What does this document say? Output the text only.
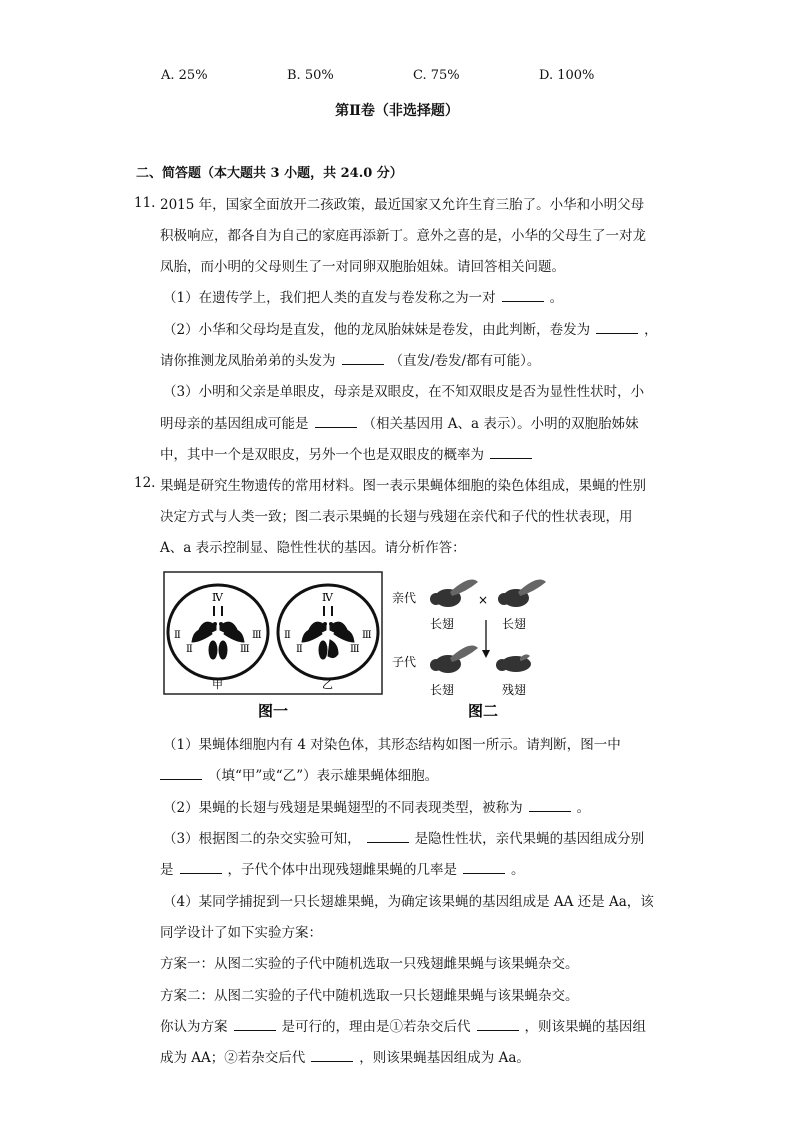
A. 25%	B. 50%	C. 75%	D. 100%
第Ⅱ卷（非选择题）
二、简答题（本大题共 3 小题，共 24.0 分）
11. 2015 年，国家全面放开二孩政策，最近国家又允许生育三胎了。小华和小明父母
积极响应，都各自为自己的家庭再添新丁。意外之喜的是，小华的父母生了一对龙
凤胎，而小明的父母则生了一对同卵双胞胎姐妹。请回答相关问题。
（1）在遗传学上，我们把人类的直发与卷发称之为一对	。
（2）小华和父母均是直发，他的龙凤胎妹妹是卷发，由此判断，卷发为	，
请你推测龙凤胎弟弟的头发为	（直发/卷发/都有可能）。
（3）小明和父亲是单眼皮，母亲是双眼皮，在不知双眼皮是否为显性性状时，小
明母亲的基因组成可能是	（相关基因用 A、a 表示）。小明的双胞胎姊妹
中，其中一个是双眼皮，另外一个也是双眼皮的概率为
12. 果蝇是研究生物遗传的常用材料。图一表示果蝇体细胞的染色体组成，果蝇的性别
决定方式与人类一致；图二表示果蝇的长翅与残翅在亲代和子代的性状表现，用
A、a 表示控制显、隐性性状的基因。请分析作答：
Ⅳ
Ⅱ
Ⅱ
Ⅲ
Ⅲ
甲
Ⅳ
Ⅱ
Ⅱ
Ⅲ
Ⅲ
乙
图一
亲代
子代
×
长翅	长翅
长翅	残翅
图二
（1）果蝇体细胞内有 4 对染色体，其形态结构如图一所示。请判断，图一中
（填“甲”或“乙”）表示雄果蝇体细胞。
（2）果蝇的长翅与残翅是果蝇翅型的不同表现类型，被称为	。
（3）根据图二的杂交实验可知，	是隐性性状，亲代果蝇的基因组成分别
是	，子代个体中出现残翅雌果蝇的几率是	。
（4）某同学捕捉到一只长翅雄果蝇，为确定该果蝇的基因组成是 AA 还是 Aa，该
同学设计了如下实验方案：
方案一：从图二实验的子代中随机选取一只残翅雌果蝇与该果蝇杂交。
方案二：从图二实验的子代中随机选取一只长翅雌果蝇与该果蝇杂交。
你认为方案	是可行的，理由是①若杂交后代	，则该果蝇的基因组
成为 AA；②若杂交后代	，则该果蝇基因组成为 Aa。
